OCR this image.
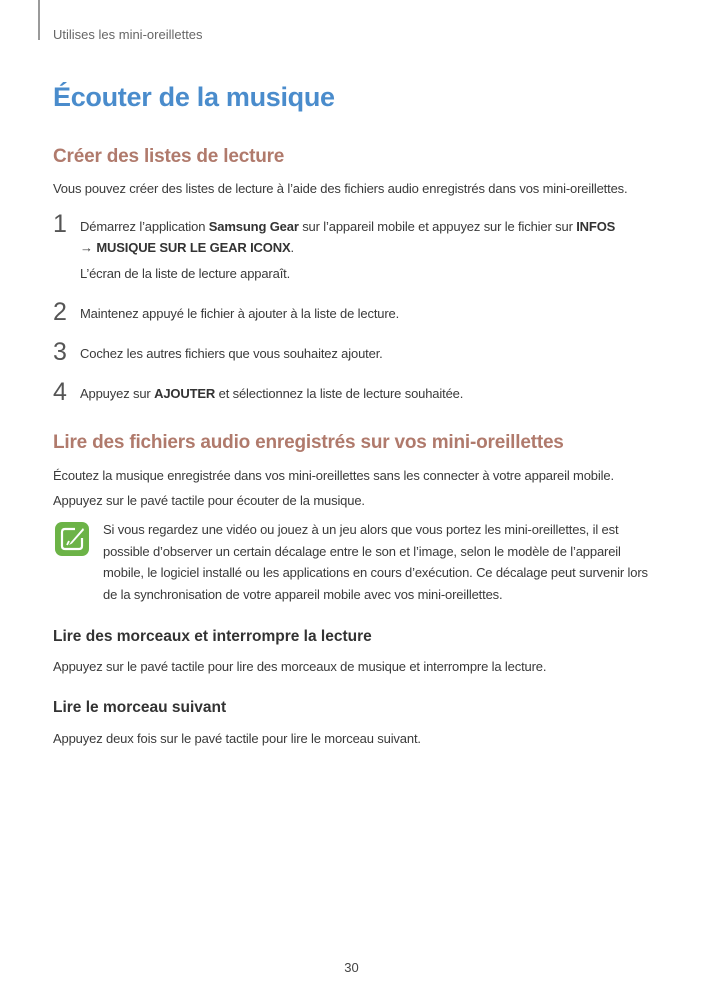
Utilises les mini-oreillettes
Écouter de la musique
Créer des listes de lecture
Vous pouvez créer des listes de lecture à l’aide des fichiers audio enregistrés dans vos mini-oreillettes.
1 Démarrez l’application Samsung Gear sur l’appareil mobile et appuyez sur le fichier sur INFOS
→ MUSIQUE SUR LE GEAR ICONX.
L’écran de la liste de lecture apparaît.
2 Maintenez appuyé le fichier à ajouter à la liste de lecture.
3 Cochez les autres fichiers que vous souhaitez ajouter.
4 Appuyez sur AJOUTER et sélectionnez la liste de lecture souhaitée.
Lire des fichiers audio enregistrés sur vos mini-oreillettes
Écoutez la musique enregistrée dans vos mini-oreillettes sans les connecter à votre appareil mobile.
Appuyez sur le pavé tactile pour écouter de la musique.
Si vous regardez une vidéo ou jouez à un jeu alors que vous portez les mini-oreillettes, il est possible d’observer un certain décalage entre le son et l’image, selon le modèle de l’appareil mobile, le logiciel installé ou les applications en cours d’exécution. Ce décalage peut survenir lors de la synchronisation de votre appareil mobile avec vos mini-oreillettes.
Lire des morceaux et interrompre la lecture
Appuyez sur le pavé tactile pour lire des morceaux de musique et interrompre la lecture.
Lire le morceau suivant
Appuyez deux fois sur le pavé tactile pour lire le morceau suivant.
30
